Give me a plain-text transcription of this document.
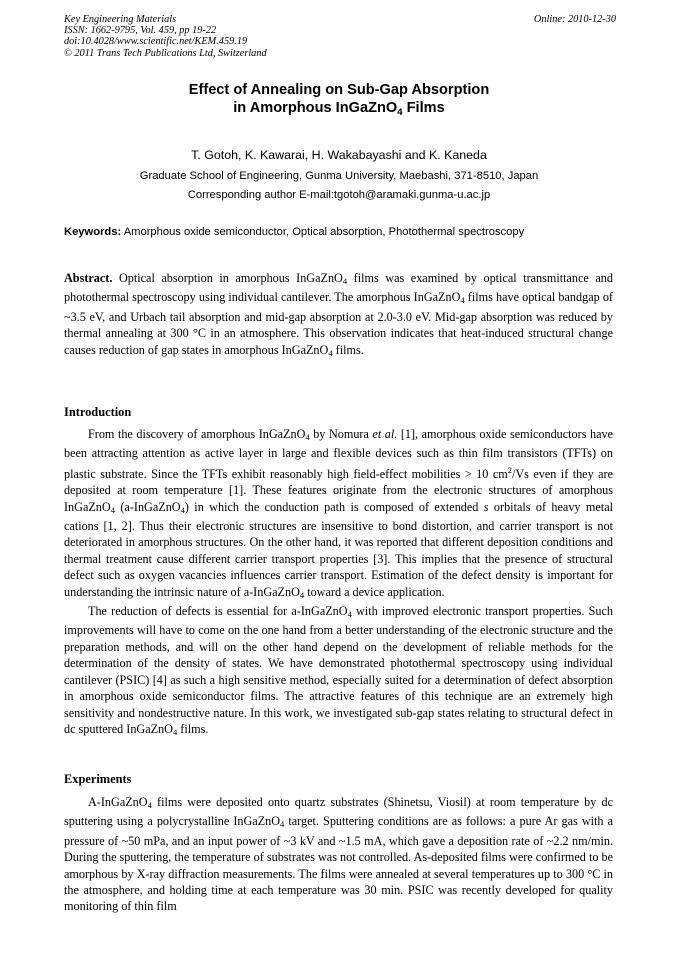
Key Engineering Materials
ISSN: 1662-9795, Vol. 459, pp 19-22
doi:10.4028/www.scientific.net/KEM.459.19
© 2011 Trans Tech Publications Ltd, Switzerland
Online: 2010-12-30
Effect of Annealing on Sub-Gap Absorption
in Amorphous InGaZnO$_4$ Films
T. Gotoh, K. Kawarai, H. Wakabayashi and K. Kaneda
Graduate School of Engineering, Gunma University, Maebashi, 371-8510, Japan
Corresponding author E-mail:tgotoh@aramaki.gunma-u.ac.jp
Keywords: Amorphous oxide semiconductor, Optical absorption, Photothermal spectroscopy

Abstract. Optical absorption in amorphous InGaZnO$_4$ films was examined by optical transmittance and photothermal spectroscopy using individual cantilever. The amorphous InGaZnO$_4$ films have optical bandgap of ~3.5 eV, and Urbach tail absorption and mid-gap absorption at 2.0-3.0 eV. Mid-gap absorption was reduced by thermal annealing at 300 °C in an atmosphere. This observation indicates that heat-induced structural change causes reduction of gap states in amorphous InGaZnO$_4$ films.

Introduction

From the discovery of amorphous InGaZnO$_4$ by Nomura et al. [1], amorphous oxide semiconductors have been attracting attention as active layer in large and flexible devices such as thin film transistors (TFTs) on plastic substrate. Since the TFTs exhibit reasonably high field-effect mobilities > 10 $cm^2/Vs$ even if they are deposited at room temperature [1]. These features originate from the electronic structures of amorphous InGaZnO$_4$ (a-InGaZnO$_4$) in which the conduction path is composed of extended s orbitals of heavy metal cations [1, 2]. Thus their electronic structures are insensitive to bond distortion, and carrier transport is not deteriorated in amorphous structures. On the other hand, it was reported that different deposition conditions and thermal treatment cause different carrier transport properties [3]. This implies that the presence of structural defect such as oxygen vacancies influences carrier transport. Estimation of the defect density is important for understanding the intrinsic nature of a-InGaZnO$_4$ toward a device application.

The reduction of defects is essential for a-InGaZnO$_4$ with improved electronic transport properties. Such improvements will have to come on the one hand from a better understanding of the electronic structure and the preparation methods, and will on the other hand depend on the development of reliable methods for the determination of the density of states. We have demonstrated photothermal spectroscopy using individual cantilever (PSIC) [4] as such a high sensitive method, especially suited for a determination of defect absorption in amorphous oxide semiconductor films. The attractive features of this technique are an extremely high sensitivity and nondestructive nature. In this work, we investigated sub-gap states relating to structural defect in dc sputtered InGaZnO$_4$ films.

Experiments

A-InGaZnO$_4$ films were deposited onto quartz substrates (Shinetsu, Viosil) at room temperature by dc sputtering using a polycrystalline InGaZnO$_4$ target. Sputtering conditions are as follows: a pure Ar gas with a pressure of ~50 mPa, and an input power of ~3 kV and ~1.5 mA, which gave a deposition rate of ~2.2 nm/min. During the sputtering, the temperature of substrates was not controlled. As-deposited films were confirmed to be amorphous by X-ray diffraction measurements. The films were annealed at several temperatures up to 300 °C in the atmosphere, and holding time at each temperature was 30 min. PSIC was recently developed for quality monitoring of thin film
